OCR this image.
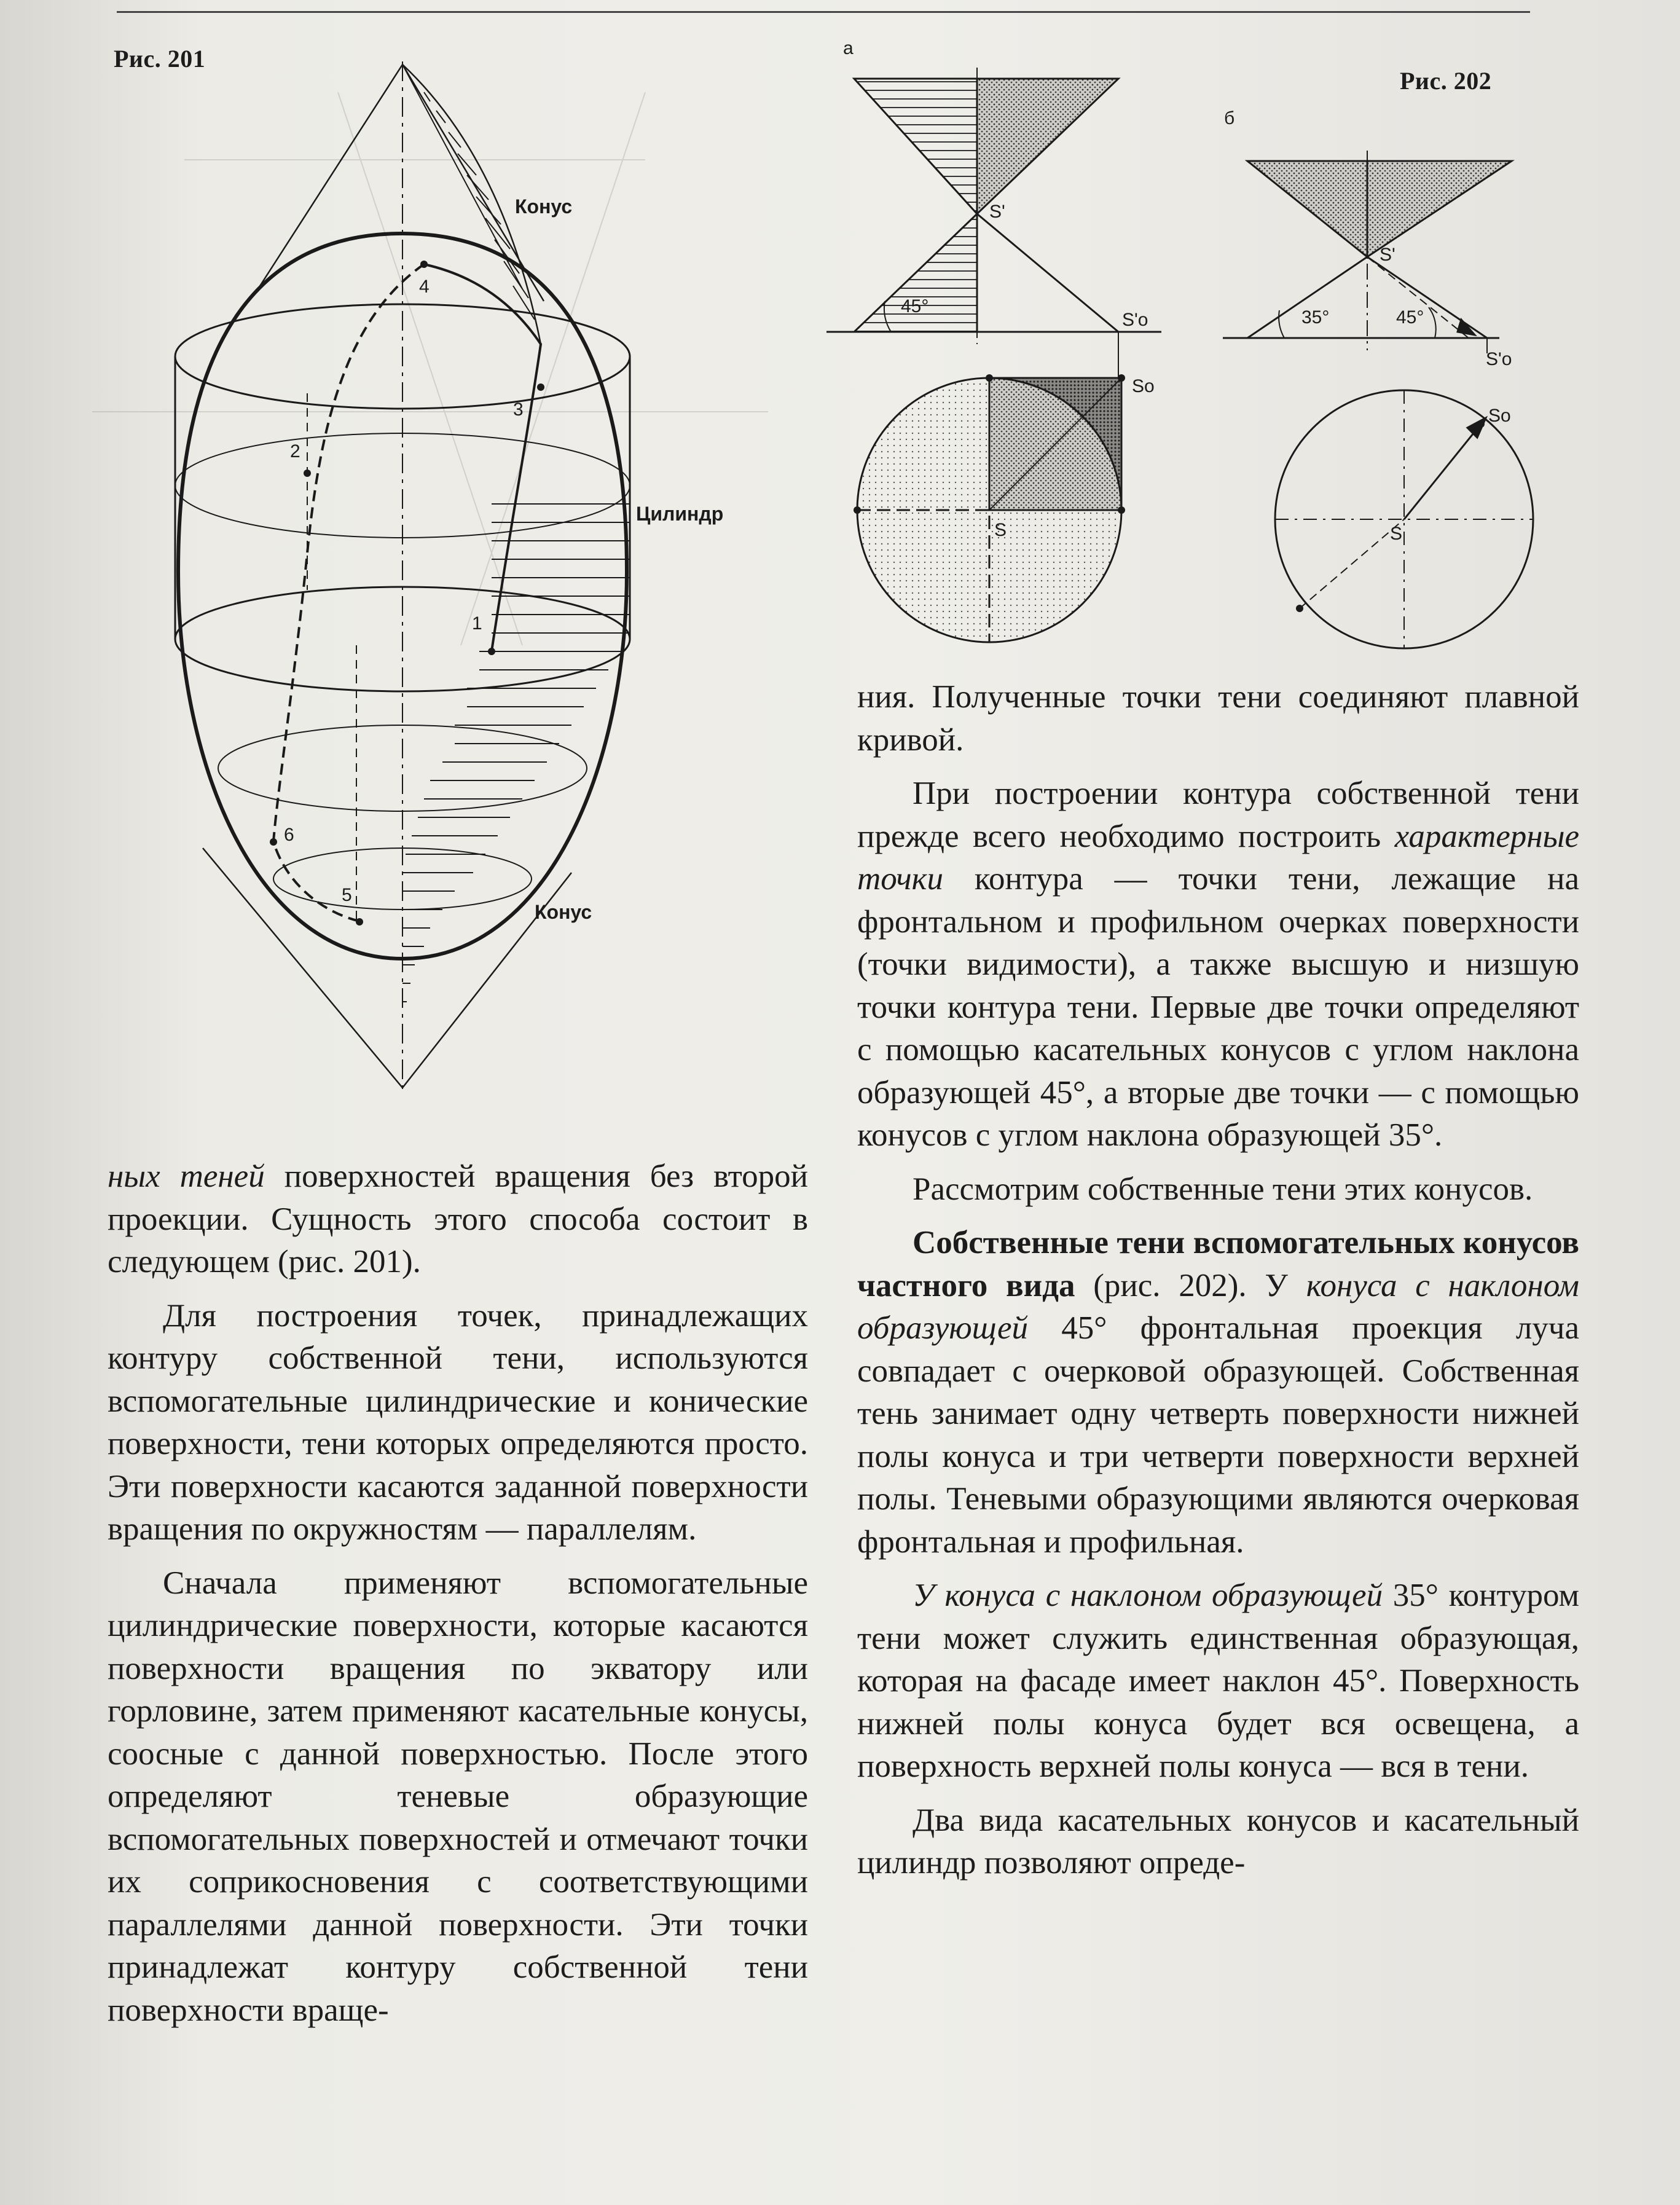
Рис. 201
Конус
Цилиндр
Конус
4
3
2
1
6
5
Рис. 202
а
б
S'
45°
S'o
So
S
S'
35°	45°
S'o
So
S

ных теней поверхностей вращения без второй проекции. Сущность этого способа состоит в следующем (рис. 201).

Для построения точек, принадлежащих контуру собственной тени, используются вспомогательные цилиндрические и конические поверхности, тени которых определяются просто. Эти поверхности касаются заданной поверхности вращения по окружностям — параллелям.

Сначала применяют вспомогательные цилиндрические поверхности, которые касаются поверхности вращения по экватору или горловине, затем применяют касательные конусы, соосные с данной поверхностью. После этого определяют теневые образующие вспомогательных поверхностей и отмечают точки их соприкосновения с соответствующими параллелями данной поверхности. Эти точки принадлежат контуру собственной тени поверхности враще-

ния. Полученные точки тени соединяют плавной кривой.

При построении контура собственной тени прежде всего необходимо построить характерные точки контура — точки тени, лежащие на фронтальном и профильном очерках поверхности (точки видимости), а также высшую и низшую точки контура тени. Первые две точки определяют с помощью касательных конусов с углом наклона образующей 45°, а вторые две точки — с помощью конусов с углом наклона образующей 35°.

Рассмотрим собственные тени этих конусов.

Собственные тени вспомогательных конусов частного вида (рис. 202). У конуса с наклоном образующей 45° фронтальная проекция луча совпадает с очерковой образующей. Собственная тень занимает одну четверть поверхности нижней полы конуса и три четверти поверхности верхней полы. Теневыми образующими являются очерковая фронтальная и профильная.

У конуса с наклоном образующей 35° контуром тени может служить единственная образующая, которая на фасаде имеет наклон 45°. Поверхность нижней полы конуса будет вся освещена, а поверхность верхней полы конуса — вся в тени.

Два вида касательных конусов и касательный цилиндр позволяют опреде-
